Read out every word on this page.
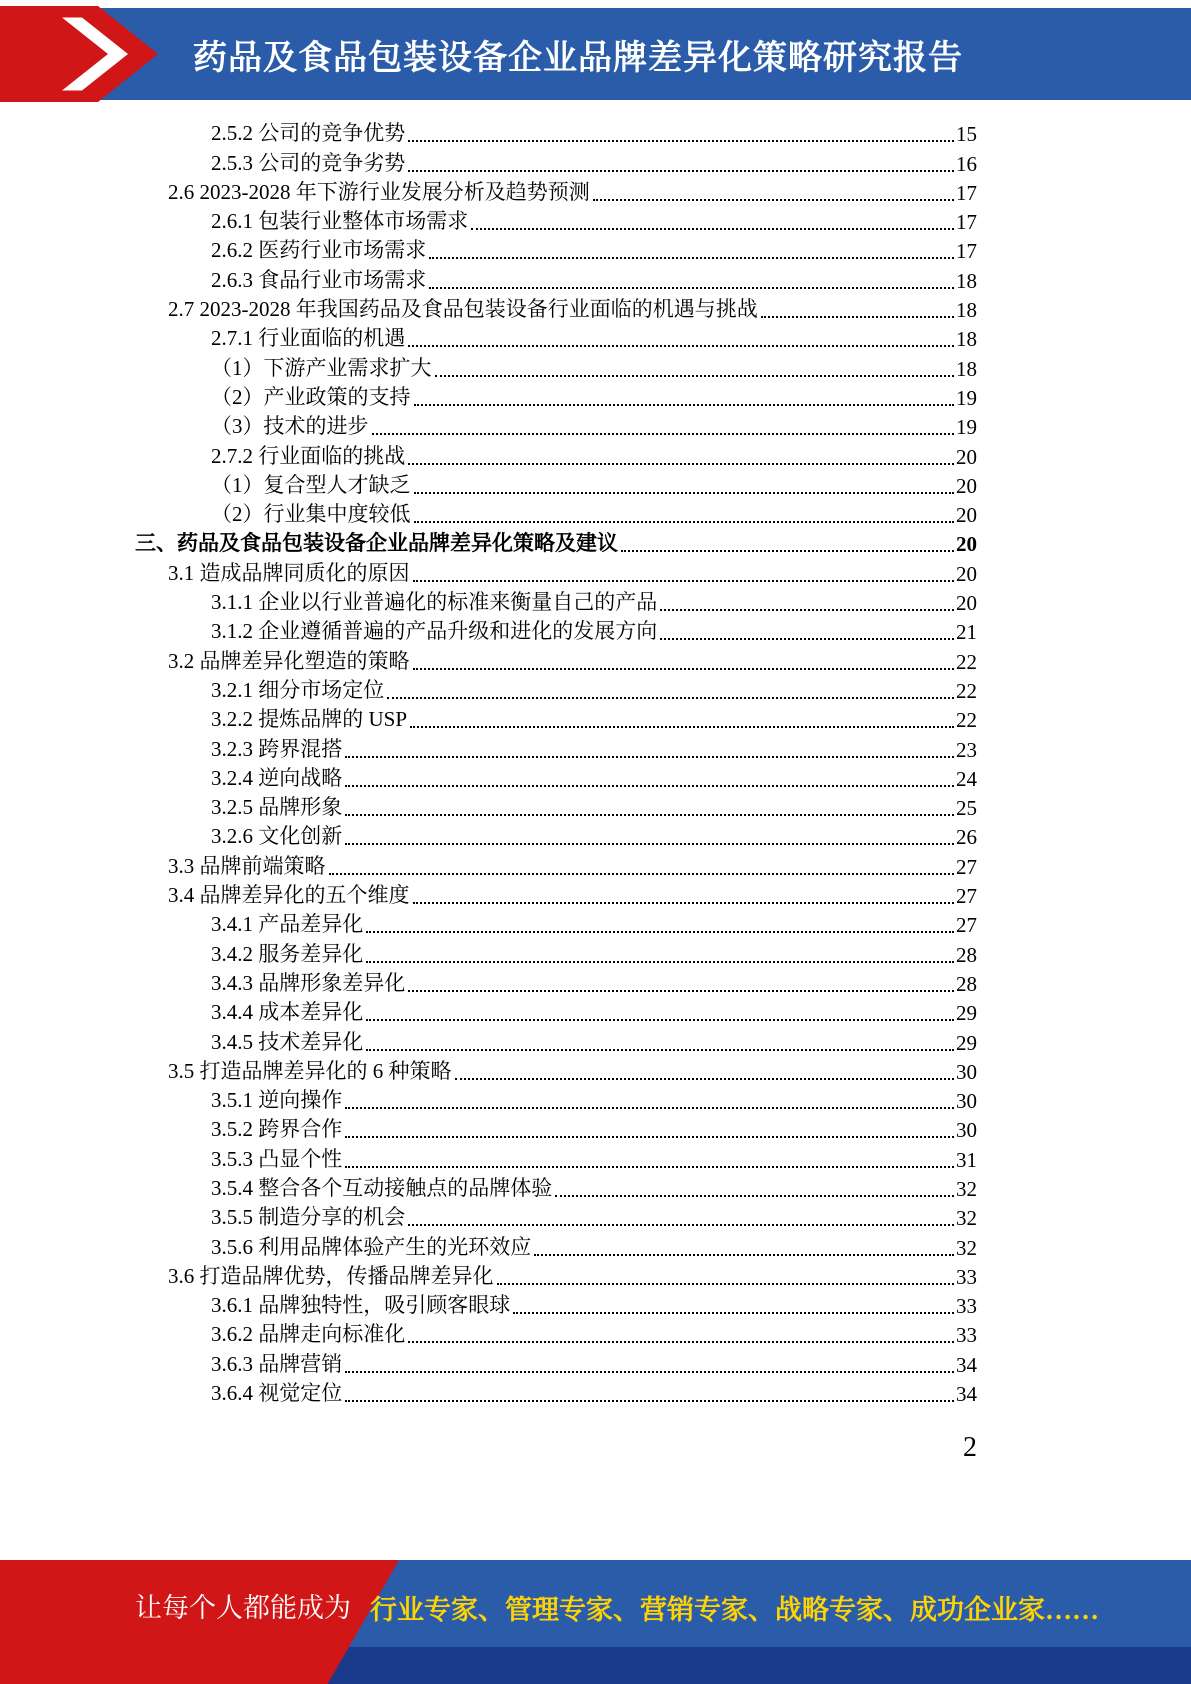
药品及食品包装设备企业品牌差异化策略研究报告
2.5.2 公司的竞争优势	15
2.5.3 公司的竞争劣势	16
2.6 2023-2028 年下游行业发展分析及趋势预测	17
2.6.1 包装行业整体市场需求	17
2.6.2 医药行业市场需求	17
2.6.3 食品行业市场需求	18
2.7 2023-2028 年我国药品及食品包装设备行业面临的机遇与挑战	18
2.7.1 行业面临的机遇	18
（1）下游产业需求扩大	18
（2）产业政策的支持	19
（3）技术的进步	19
2.7.2 行业面临的挑战	20
（1）复合型人才缺乏	20
（2）行业集中度较低	20
三、药品及食品包装设备企业品牌差异化策略及建议	20
3.1 造成品牌同质化的原因	20
3.1.1 企业以行业普遍化的标准来衡量自己的产品	20
3.1.2 企业遵循普遍的产品升级和进化的发展方向	21
3.2 品牌差异化塑造的策略	22
3.2.1 细分市场定位	22
3.2.2 提炼品牌的 USP	22
3.2.3 跨界混搭	23
3.2.4 逆向战略	24
3.2.5 品牌形象	25
3.2.6 文化创新	26
3.3 品牌前端策略	27
3.4 品牌差异化的五个维度	27
3.4.1 产品差异化	27
3.4.2 服务差异化	28
3.4.3 品牌形象差异化	28
3.4.4 成本差异化	29
3.4.5 技术差异化	29
3.5 打造品牌差异化的 6 种策略	30
3.5.1 逆向操作	30
3.5.2 跨界合作	30
3.5.3 凸显个性	31
3.5.4 整合各个互动接触点的品牌体验	32
3.5.5 制造分享的机会	32
3.5.6 利用品牌体验产生的光环效应	32
3.6 打造品牌优势，传播品牌差异化	33
3.6.1 品牌独特性，吸引顾客眼球	33
3.6.2 品牌走向标准化	33
3.6.3 品牌营销	34
3.6.4 视觉定位	34
2
让每个人都能成为 行业专家、管理专家、营销专家、战略专家、成功企业家……
